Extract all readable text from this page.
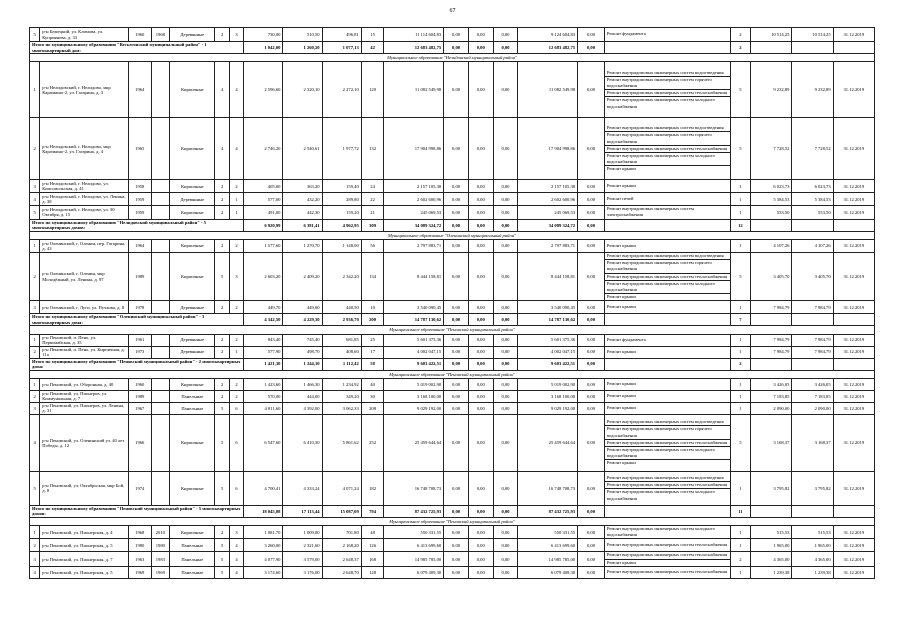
67
5	р-н Бежецкий, ул. Климова, ул. Куприянова, д. 33	1960	1968	Деревянные	2	3	730,00	510,50	496,81	15	11 114 604,83	0,00	0,00	0,00	9 124 604,83	0,00	Ремонт фундамента	2	10 514,25	10 514,25	31.12.2019
Итого по муниципальному образованию "Весьегонский муниципальный район" - 1 многоквартирный дом:							1 042,00	1 260,20	1 077,13	42	12 683 482,75	0,00	0,00	0,00	12 683 482,75	0,00		2			
Муниципальное образование "Нелидовский муниципальный район"																					
1	р-н Нелидовский, г. Нелидово, мкр Карачкино-2, ул. Гагарина, д. 3	1964		Кирпичные	4	4	2 596,60	2 320,10	2 272,10	120	11 082 549,98	0,00	0,00	0,00	11 082 549,98	0,00	Ремонт внутридомовых инженерных систем водоотведения
Ремонт внутридомовых инженерных систем горячего водоснабжения
Ремонт внутридомовых инженерных систем теплоснабжения
Ремонт внутридомовых инженерных систем холодного водоснабжения	5	9 232,89	9 232,89	31.12.2019
2	р-н Нелидовский, г. Нелидово, мкр Карачкино-2, ул. Гагарина, д. 4	1965		Кирпичные	4	4	2 746,20	2 540,61	1 977,72	132	17 904 998,86	0,00	0,00	0,00	17 904 998,86	0,00	Ремонт внутридомовых инженерных систем водоотведения
Ремонт внутридомовых инженерных систем горячего водоснабжения
Ремонт внутридомовых инженерных систем теплоснабжения
Ремонт внутридомовых инженерных систем холодного водоснабжения
Ремонт крыши	5	7 728,52	7 728,52	31.12.2019
3	р-н Нелидовский, г. Нелидово, ул. Комсомольская, д. 41	1958		Кирпичные	2	2	405,00	363,20	159,40	24	2 157 105,38	0,00	0,00	0,00	2 157 105,38	0,00	Ремонт крыши	1	6 023,73	6 023,73	31.12.2019
4	р-н Нелидовский, г. Нелидово, ул. Ленина, д. 38	1959		Деревянные	2	1	577,00	432,20	289,80	22	2 602 600,96	0,00	0,00	0,00	2 602 600,96	0,00	Ремонт печей	1	5 384,53	5 384,53	31.12.2019
5	р-н Нелидовский, г. Нелидово, ул. 30 Октября, д. 15	1959		Кирпичные	2	1	491,00	442,30	159,20	21	245 069,53	0,00	0,00	0,00	245 069,53	0,00	Ремонт внутридомовых инженерных систем электроснабжения	1	553,50	553,50	31.12.2019
Итого по муниципальному образованию "Нелидовский муниципальный район" - 5 многоквартирных домов:							6 920,99	6 381,41	4 962,95	309	34 089 324,72	0,00	0,00	0,00	34 089 324,72	0,00		12			
Муниципальное образование "Оленинский муниципальный район"																					
1	р-н Оленинский, г. Оленин, пер. Гагарина, д. 43	1964		Кирпичные	2	2	1 577,60	1 270,70	1 148,00	56	2 797 883,71	0,00	0,00	0,00	2 797 883,71	0,00	Ремонт крыши	1	4 107,26	4 107,26	31.12.2019
2	р-н Оленинский, г. Оленин, мкр Молодёжный, ул. Ленина, д. 97	1989		Кирпичные	5	3	2 603,20	2 409,20	2 342,20	134	8 444 158,81	0,00	0,00	0,00	8 444 158,81	0,00	Ремонт внутридомовых инженерных систем водоотведения
Ремонт внутридомовых инженерных систем горячего водоснабжения
Ремонт внутридомовых инженерных систем теплоснабжения
Ремонт внутридомовых инженерных систем холодного водоснабжения
Ремонт крыши	5	3 405,70	3 405,70	31.12.2019
3	р-н Оленинский, г. Луги, ул. Пучкова, д. 8	1978		Деревянные	2	2	449,70	449,60	440,50	10	3 540 090,45	0,00	0,00	0,00	3 540 090,45	0,00	Ремонт крыши	1	7 984,79	7 984,79	31.12.2019
Итого по муниципальному образованию "Оленинский муниципальный район" - 3 многоквартирных дома:							4 342,50	4 229,30	2 936,70	200	14 787 130,62	0,00	0,00	0,00	14 787 130,62	0,00		7			
Муниципальное образование "Пеновский муниципальный район"																					
1	р-н Пеновский, п. Пено, ул. Первомайская, д. 35	1961		Деревянные	2	2	843,40	745,40	681,85	25	5 601 375,36	0,00	0,00	0,00	5 601 375,36	0,00	Ремонт фундамента	1	7 984,79	7 984,79	31.12.2019
2	р-н Пеновский, п. Пено, ул. Кирпичная, д. 11а	1973		Деревянные	2	1	577,90	498,70	408,60	17	4 002 047,15	0,00	0,00	0,00	4 002 047,15	0,00	Ремонт крыши	1	7 984,79	7 984,79	31.12.2019
Итого по муниципальному образованию "Пеновский муниципальный район" - 2 многоквартирных дома:							1 421,30	1 244,10	1 112,42	58	9 603 422,51	0,00	0,00	0,00	9 603 422,51	0,00		2			
Муниципальное образование "Пеновский муниципальный район"																					
1	р-н Пеновский, ул. Оборонная, д. 40	1960		Кирпичные	2	2	1 423,60	1 466,30	1 234,92	40	5 019 002,90	0,00	0,00	0,00	5 019 002,90	0,00	Ремонт крыши	1	3 426,05	3 426,05	31.12.2019
2	р-н Пеновский, ул. Пионеров, ул. Коммунальная, д. 7	1989		Панельные	2	2	570,00	444,00	349,20	30	3 168 100,00	0,00	0,00	0,00	3 168 100,00	0,00	Ремонт крыши	1	7 183,85	7 183,85	31.12.2019
3	р-н Пеновский, ул. Пионеров, ул. Ленина, д. 31	1967		Панельные	5	6	4 811,60	4 392,00	3 062,33	208	9 029 192,00	0,00	0,00	0,00	9 029 192,00	0,00	Ремонт крыши	1	2 090,00	2 090,00	31.12.2019
4	р-н Пеновский, ул. Оленинский ул. 40 лет Победы, д. 12	1966		Кирпичные	5	6	6 547,60	6 410,30	5 861,62	252	25 459 644,64	0,00	0,00	0,00	25 459 644,64	0,00	Ремонт внутридомовых инженерных систем водоотведения
Ремонт внутридомовых инженерных систем горячего водоснабжения
Ремонт внутридомовых инженерных систем теплоснабжения
Ремонт внутридомовых инженерных систем холодного водоснабжения
Ремонт крыши	5	3 168,37	3 168,37	31.12.2019
5	р-н Пеновский, ул. Октябрьская, мкр Бой, д. 8	1974		Кирпичные	5	6	4 700,41	4 333,24	4 071,24	182	16 748 708,73	0,00	0,00	0,00	16 748 708,73	0,00	Ремонт внутридомовых инженерных систем водоотведения
Ремонт внутридомовых инженерных систем теплоснабжения
Ремонт внутридомовых инженерных систем холодного водоснабжения	1	3 795,82	3 795,82	31.12.2019
Итого по муниципальному образованию "Пеновский муниципальный район" - 5 многоквартирных домов:							18 045,08	17 113,44	15 087,09	794	87 432 725,93	0,00	0,00	0,00	87 432 725,93	0,00		11			
Муниципальное образование "Пеновский муниципальный район"																					
1	р-н Пеновский, ул. Пионерская, д. 4	1968	2010	Кирпичные	2	3	1 081,70	1 009,00	701,80	48	550 331,55	0,00	0,00	0,00	550 331,55	0,00	Ремонт внутридомовых инженерных систем холодного водоснабжения	1	515,53	515,53	31.12.2019
2	р-н Пеновский, ул. Пионерская, д. 5	1980	1980	Панельные	5	4	3 260,00	2 321,60	2 168,20	126	6 413 699,60	0,00	0,00	0,00	6 413 699,60	0,00	Ремонт внутридомовых инженерных систем теплоснабжения	1	1 965,00	1 965,00	31.12.2019
3	р-н Пеновский, ул. Пионерская, д. 7	1963	1983	Панельные	5	4	4 077,90	3 579,00	2 648,37	168	14 985 785,00	0,00	0,00	0,00	14 985 785,00	0,00	Ремонт внутридомовых инженерных систем теплоснабжения
Ремонт крыши	2	4 365,00	4 365,00	31.12.2019
4	р-н Пеновский, ул. Пионерская, д. 5	1969	1969	Панельные	5	4	3 174,60	3 176,00	2 648,70	128	6 079 409,30	0,00	0,00	0,00	6 079 409,30	0,00	Ремонт внутридомовых инженерных систем теплоснабжения	1	1 239,38	1 239,38	31.12.2019
